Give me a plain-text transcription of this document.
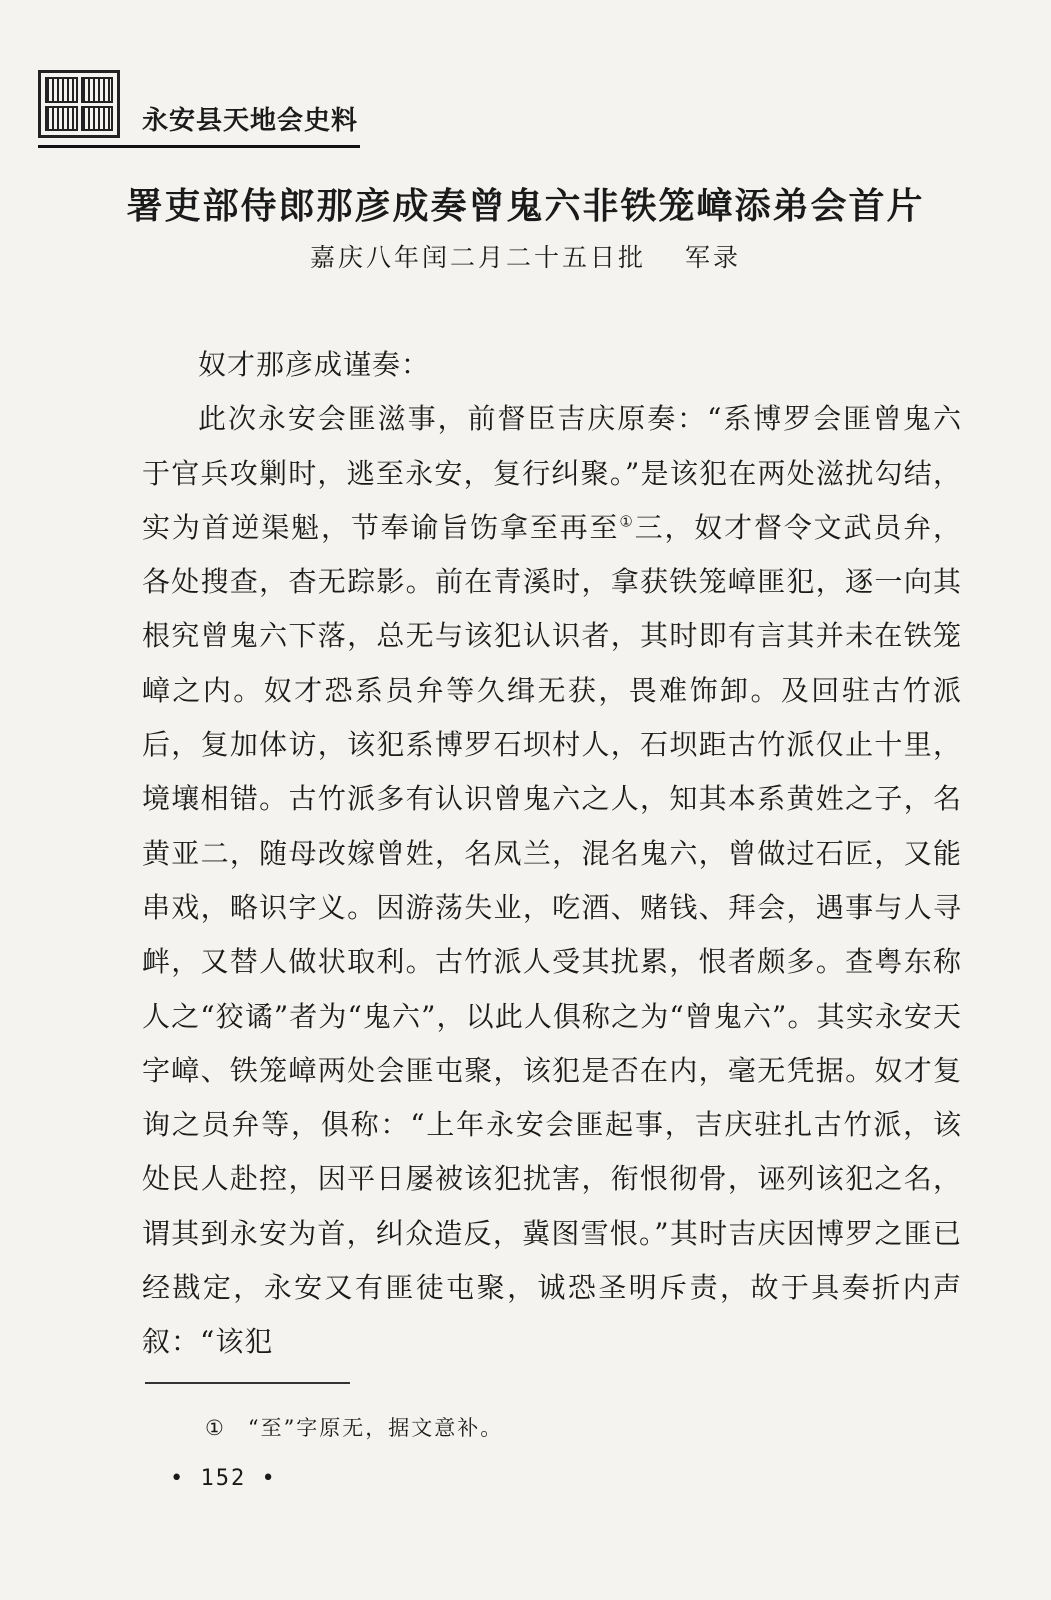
永安县天地会史料
署吏部侍郎那彦成奏曾鬼六非铁笼嶂添弟会首片
嘉庆八年闰二月二十五日批　 军录

奴才那彦成谨奏：

此次永安会匪滋事，前督臣吉庆原奏：“系博罗会匪曾鬼六于官兵攻剿时，逃至永安，复行纠聚。”是该犯在两处滋扰勾结，实为首逆渠魁，节奉谕旨饬拿至再至①三，奴才督令文武员弁，各处搜查，杳无踪影。前在青溪时，拿获铁笼嶂匪犯，逐一向其根究曾鬼六下落，总无与该犯认识者，其时即有言其并未在铁笼嶂之内。奴才恐系员弁等久缉无获，畏难饰卸。及回驻古竹派后，复加体访，该犯系博罗石坝村人，石坝距古竹派仅止十里，境壤相错。古竹派多有认识曾鬼六之人，知其本系黄姓之子，名黄亚二，随母改嫁曾姓，名凤兰，混名鬼六，曾做过石匠，又能串戏，略识字义。因游荡失业，吃酒、赌钱、拜会，遇事与人寻衅，又替人做状取利。古竹派人受其扰累，恨者颇多。查粤东称人之“狡谲”者为“鬼六”，以此人俱称之为“曾鬼六”。其实永安天字嶂、铁笼嶂两处会匪屯聚，该犯是否在内，毫无凭据。奴才复询之员弁等，俱称：“上年永安会匪起事，吉庆驻扎古竹派，该处民人赴控，因平日屡被该犯扰害，衔恨彻骨，诬列该犯之名，谓其到永安为首，纠众造反，冀图雪恨。”其时吉庆因博罗之匪已经戡定，永安又有匪徒屯聚，诚恐圣明斥责，故于具奏折内声叙：“该犯

① “至”字原无，据文意补。
• 152 •
